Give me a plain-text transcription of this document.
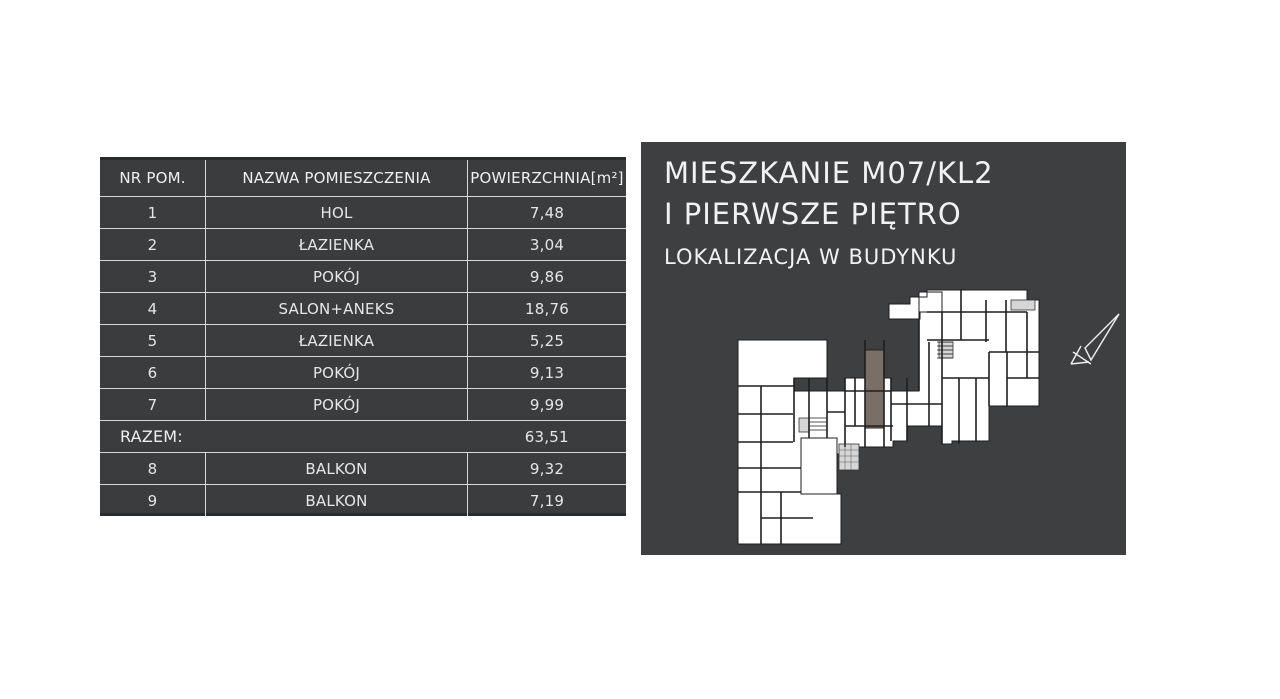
NR POM.	NAZWA POMIESZCZENIA	POWIERZCHNIA[m²]
1	HOL	7,48
2	ŁAZIENKA	3,04
3	POKÓJ	9,86
4	SALON+ANEKS	18,76
5	ŁAZIENKA	5,25
6	POKÓJ	9,13
7	POKÓJ	9,99
RAZEM:		63,51
8	BALKON	9,32
9	BALKON	7,19
MIESZKANIE M07/KL2
I PIERWSZE PIĘTRO
LOKALIZACJA W BUDYNKU
